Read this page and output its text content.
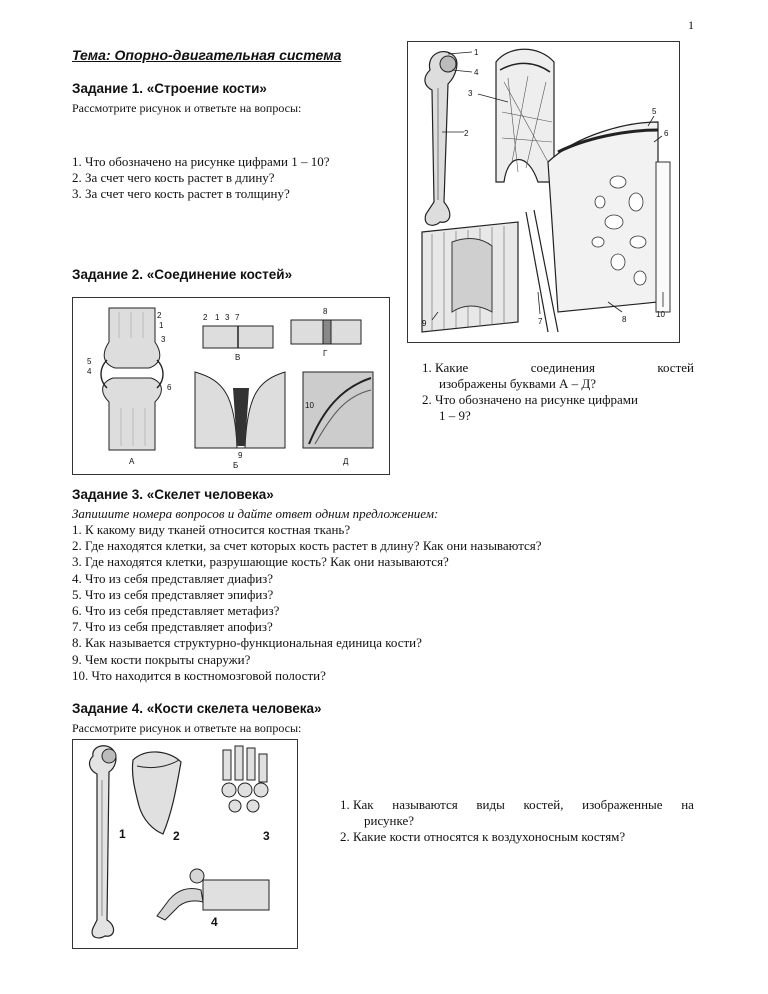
1
Тема: Опорно-двигательная система
Задание 1. «Строение кости»
Рассмотрите рисунок и ответьте на вопросы:
1. Что обозначено на рисунке цифрами 1 – 10?
2. За счет чего кость растет в длину?
3. За счет чего кость растет в толщину?
1
2
3
4
5
6
7	8
9
10
Задание 2. «Соединение костей»
2
1
3
5
4
6
2 1 3 7
8
9
10
А	Б
В	Г
Д
1. Какие	соединения	костей
изображены буквами А – Д?
2. Что обозначено на рисунке цифрами
1 – 9?
Задание 3. «Скелет человека»
Запишите номера вопросов и дайте ответ одним предложением:
1. К какому виду тканей относится костная ткань?
2. Где находятся клетки, за счет которых кость растет в длину? Как они называются?
3. Где находятся клетки, разрушающие кость? Как они называются?
4. Что из себя представляет диафиз?
5. Что из себя представляет эпифиз?
6. Что из себя представляет метафиз?
7. Что из себя представляет апофиз?
8. Как называется структурно-функциональная единица кости?
9. Чем кости покрыты снаружи?
10. Что находится в костномозговой полости?
Задание 4. «Кости скелета человека»
Рассмотрите рисунок и ответьте на вопросы:
1	2	3
4
1. Как называются виды костей, изображенные на
рисунке?
2. Какие кости относятся к воздухоносным костям?
